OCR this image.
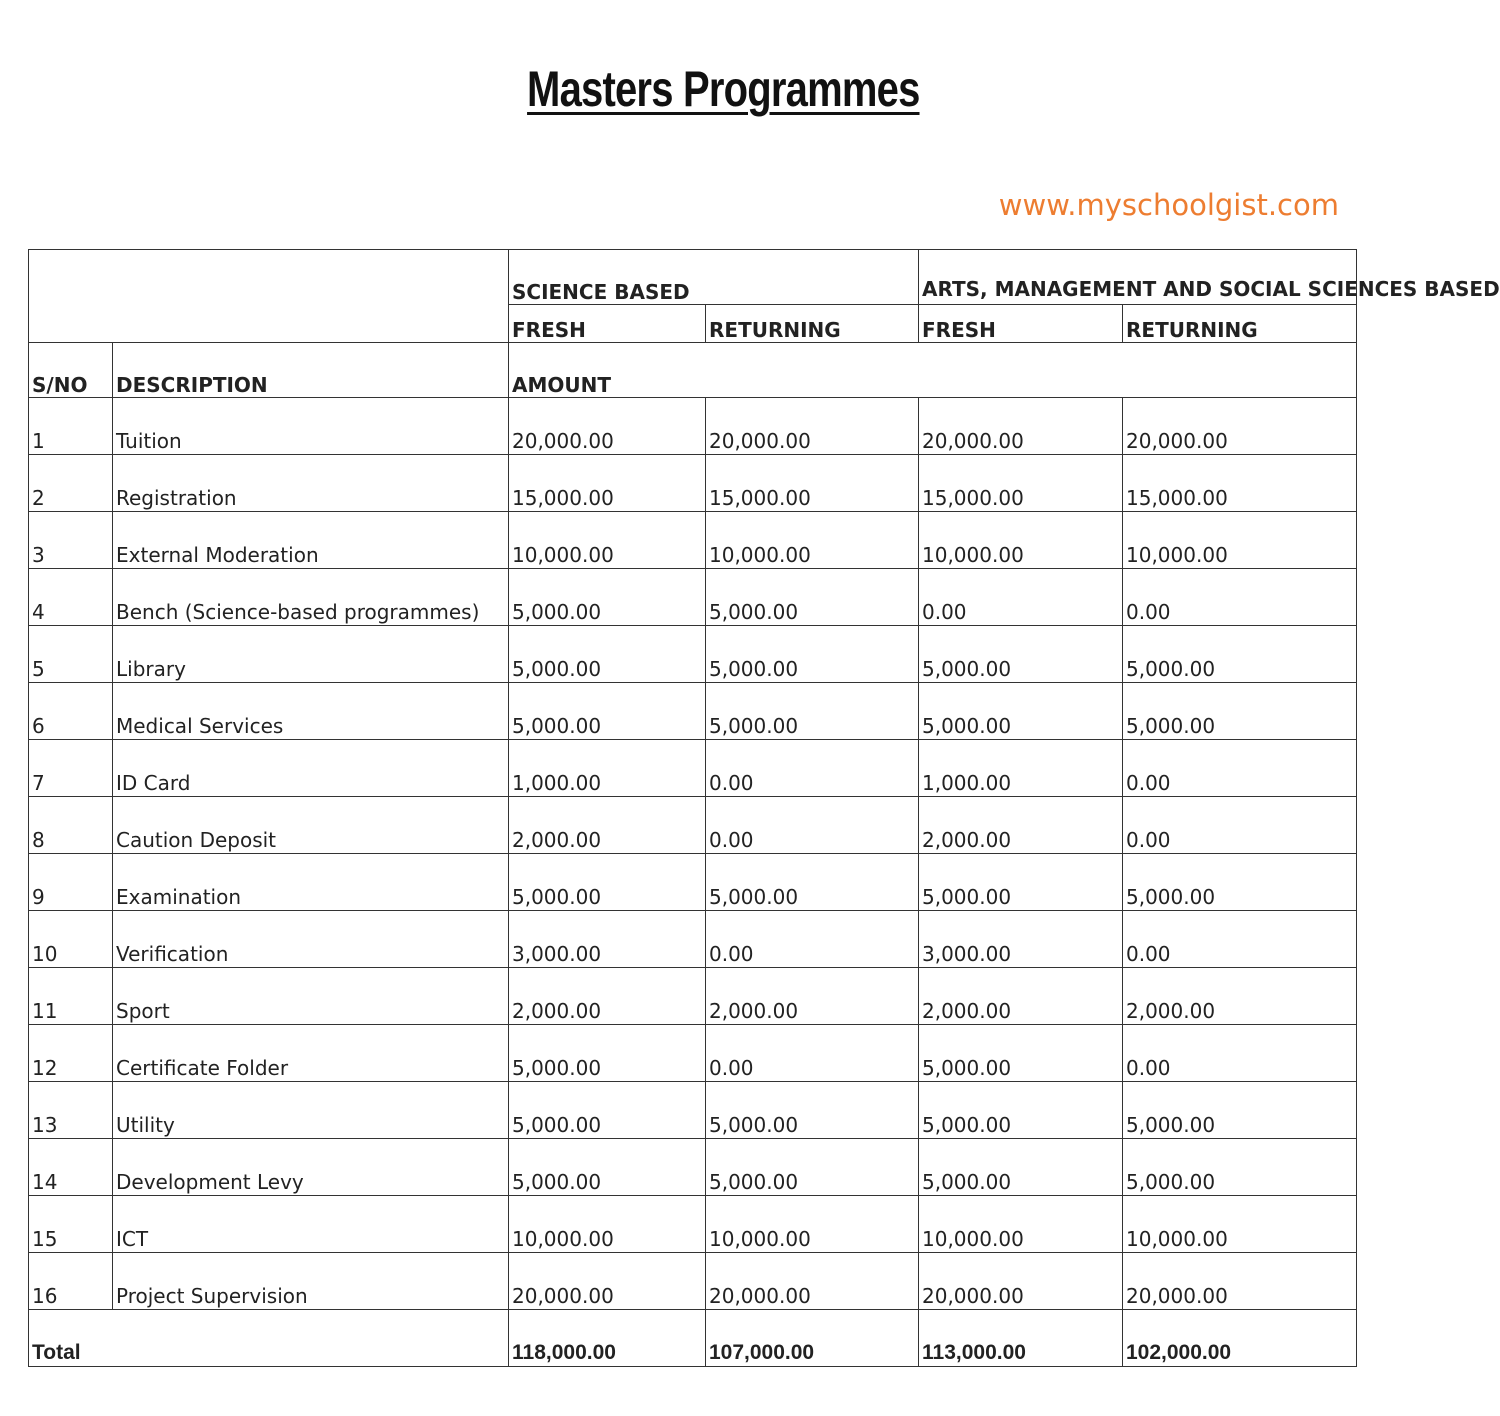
Masters Programmes
www.myschoolgist.com
		SCIENCE BASED		ARTS, MANAGEMENT AND SOCIAL SCIENCES BASED	
		FRESH	RETURNING	FRESH	RETURNING
S/NO	DESCRIPTION	AMOUNT			
1	Tuition	20,000.00	20,000.00	20,000.00	20,000.00
2	Registration	15,000.00	15,000.00	15,000.00	15,000.00
3	External Moderation	10,000.00	10,000.00	10,000.00	10,000.00
4	Bench (Science-based programmes)	5,000.00	5,000.00	0.00	0.00
5	Library	5,000.00	5,000.00	5,000.00	5,000.00
6	Medical Services	5,000.00	5,000.00	5,000.00	5,000.00
7	ID Card	1,000.00	0.00	1,000.00	0.00
8	Caution Deposit	2,000.00	0.00	2,000.00	0.00
9	Examination	5,000.00	5,000.00	5,000.00	5,000.00
10	Verification	3,000.00	0.00	3,000.00	0.00
11	Sport	2,000.00	2,000.00	2,000.00	2,000.00
12	Certificate Folder	5,000.00	0.00	5,000.00	0.00
13	Utility	5,000.00	5,000.00	5,000.00	5,000.00
14	Development Levy	5,000.00	5,000.00	5,000.00	5,000.00
15	ICT	10,000.00	10,000.00	10,000.00	10,000.00
16	Project Supervision	20,000.00	20,000.00	20,000.00	20,000.00
Total		118,000.00	107,000.00	113,000.00	102,000.00
